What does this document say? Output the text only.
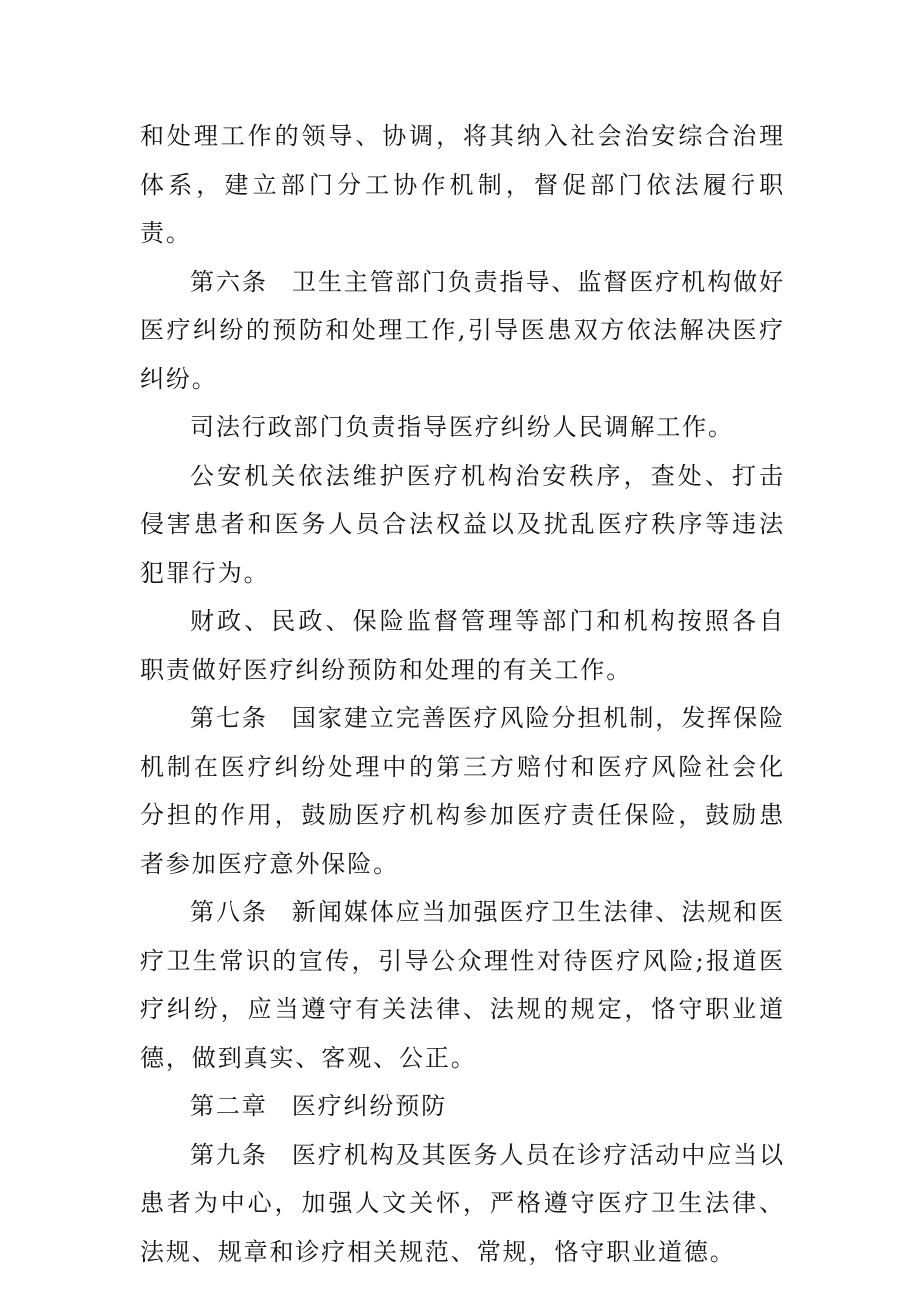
和处理工作的领导、协调，将其纳入社会治安综合治理体系，建立部门分工协作机制，督促部门依法履行职责。

第六条 卫生主管部门负责指导、监督医疗机构做好医疗纠纷的预防和处理工作,引导医患双方依法解决医疗纠纷。

司法行政部门负责指导医疗纠纷人民调解工作。

公安机关依法维护医疗机构治安秩序，查处、打击侵害患者和医务人员合法权益以及扰乱医疗秩序等违法犯罪行为。

财政、民政、保险监督管理等部门和机构按照各自职责做好医疗纠纷预防和处理的有关工作。

第七条 国家建立完善医疗风险分担机制，发挥保险机制在医疗纠纷处理中的第三方赔付和医疗风险社会化分担的作用，鼓励医疗机构参加医疗责任保险，鼓励患者参加医疗意外保险。

第八条 新闻媒体应当加强医疗卫生法律、法规和医疗卫生常识的宣传，引导公众理性对待医疗风险;报道医疗纠纷，应当遵守有关法律、法规的规定，恪守职业道德，做到真实、客观、公正。

第二章 医疗纠纷预防

第九条 医疗机构及其医务人员在诊疗活动中应当以患者为中心，加强人文关怀，严格遵守医疗卫生法律、法规、规章和诊疗相关规范、常规，恪守职业道德。
